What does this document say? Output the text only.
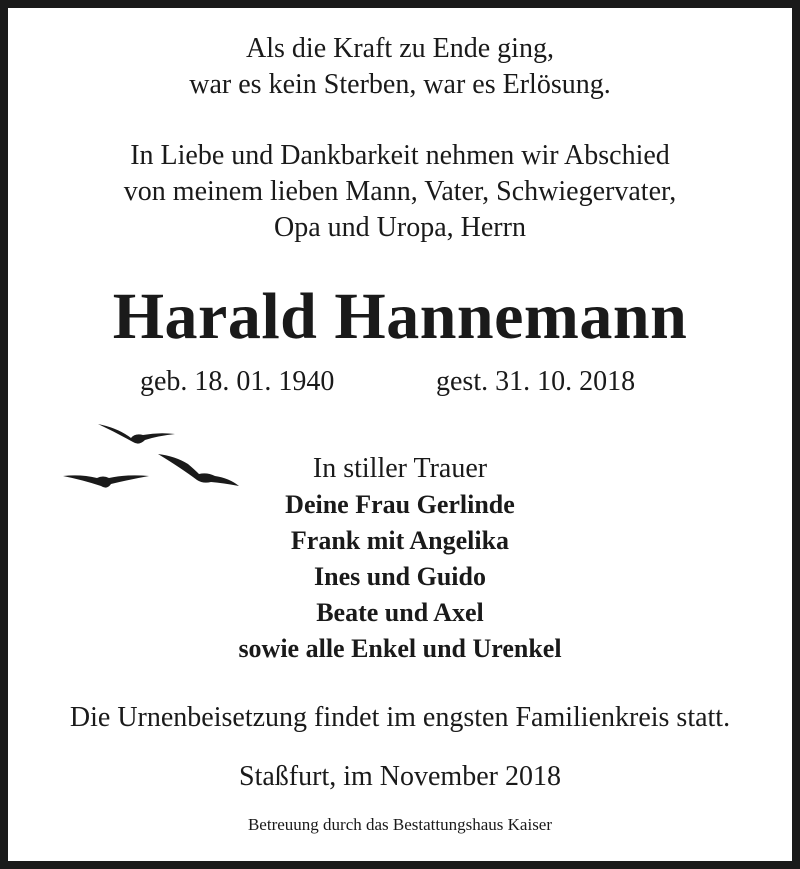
Als die Kraft zu Ende ging,
war es kein Sterben, war es Erlösung.
In Liebe und Dankbarkeit nehmen wir Abschied
von meinem lieben Mann, Vater, Schwiegervater,
Opa und Uropa, Herrn
Harald Hannemann
geb. 18. 01. 1940	gest. 31. 10. 2018
In stiller Trauer
Deine Frau Gerlinde
Frank mit Angelika
Ines und Guido
Beate und Axel
sowie alle Enkel und Urenkel
Die Urnenbeisetzung findet im engsten Familienkreis statt.
Staßfurt, im November 2018
Betreuung durch das Bestattungshaus Kaiser
